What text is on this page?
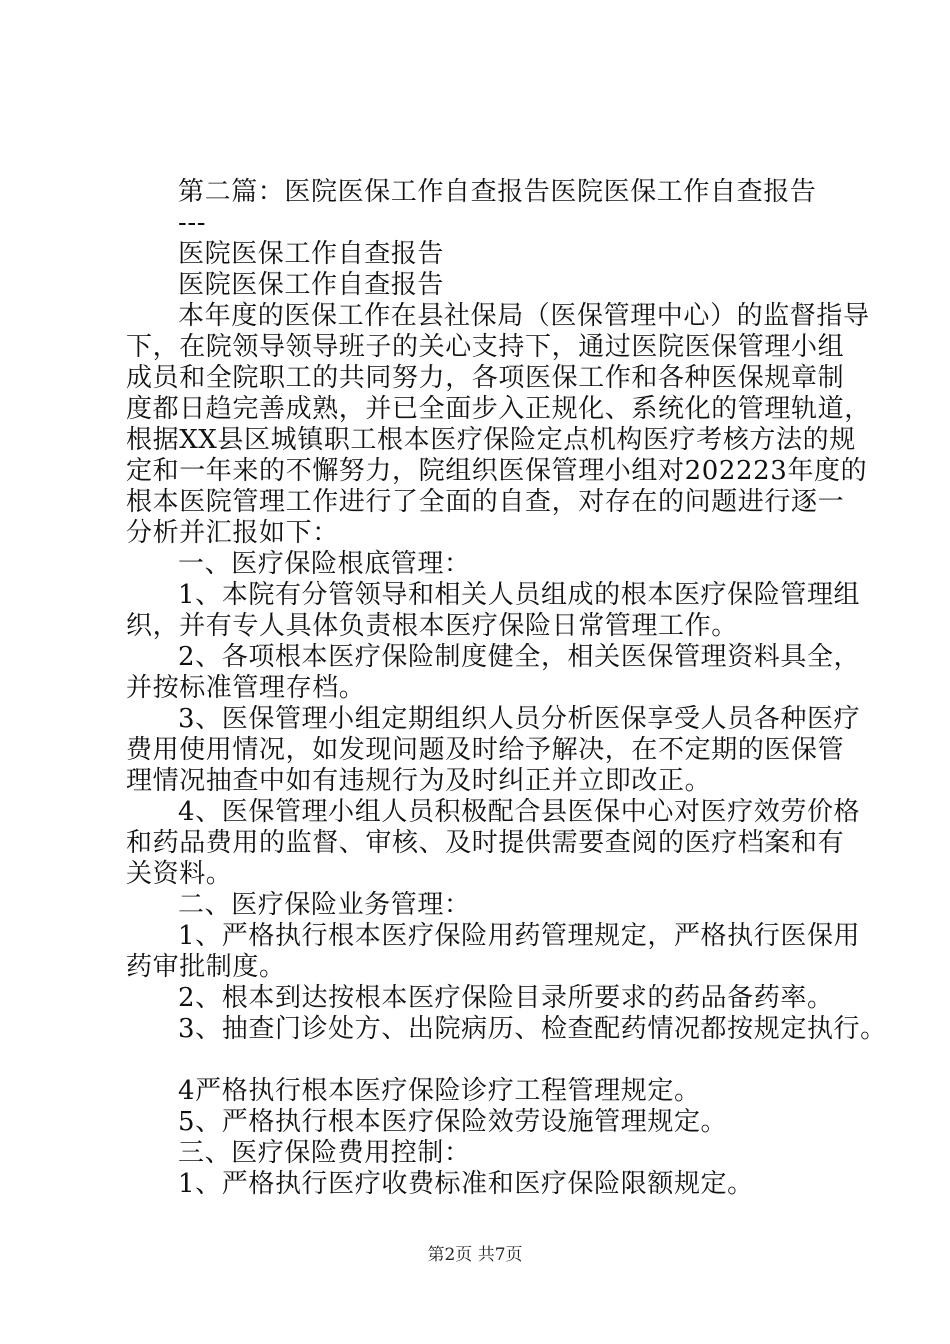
第二篇：医院医保工作自查报告医院医保工作自查报告
---
医院医保工作自查报告
医院医保工作自查报告
本年度的医保工作在县社保局（医保管理中心）的监督指导
下，在院领导领导班子的关心支持下，通过医院医保管理小组
成员和全院职工的共同努力，各项医保工作和各种医保规章制
度都日趋完善成熟，并已全面步入正规化、系统化的管理轨道，
根据XX县区城镇职工根本医疗保险定点机构医疗考核方法的规
定和一年来的不懈努力，院组织医保管理小组对202223年度的
根本医院管理工作进行了全面的自查，对存在的问题进行逐一
分析并汇报如下：
一、医疗保险根底管理：
1、本院有分管领导和相关人员组成的根本医疗保险管理组
织，并有专人具体负责根本医疗保险日常管理工作。
2、各项根本医疗保险制度健全，相关医保管理资料具全，
并按标准管理存档。
3、医保管理小组定期组织人员分析医保享受人员各种医疗
费用使用情况，如发现问题及时给予解决，在不定期的医保管
理情况抽查中如有违规行为及时纠正并立即改正。
4、医保管理小组人员积极配合县医保中心对医疗效劳价格
和药品费用的监督、审核、及时提供需要查阅的医疗档案和有
关资料。
二、医疗保险业务管理：
1、严格执行根本医疗保险用药管理规定，严格执行医保用
药审批制度。
2、根本到达按根本医疗保险目录所要求的药品备药率。
3、抽查门诊处方、出院病历、检查配药情况都按规定执行。
4严格执行根本医疗保险诊疗工程管理规定。
5、严格执行根本医疗保险效劳设施管理规定。
三、医疗保险费用控制：
1、严格执行医疗收费标准和医疗保险限额规定。
第2页 共7页
